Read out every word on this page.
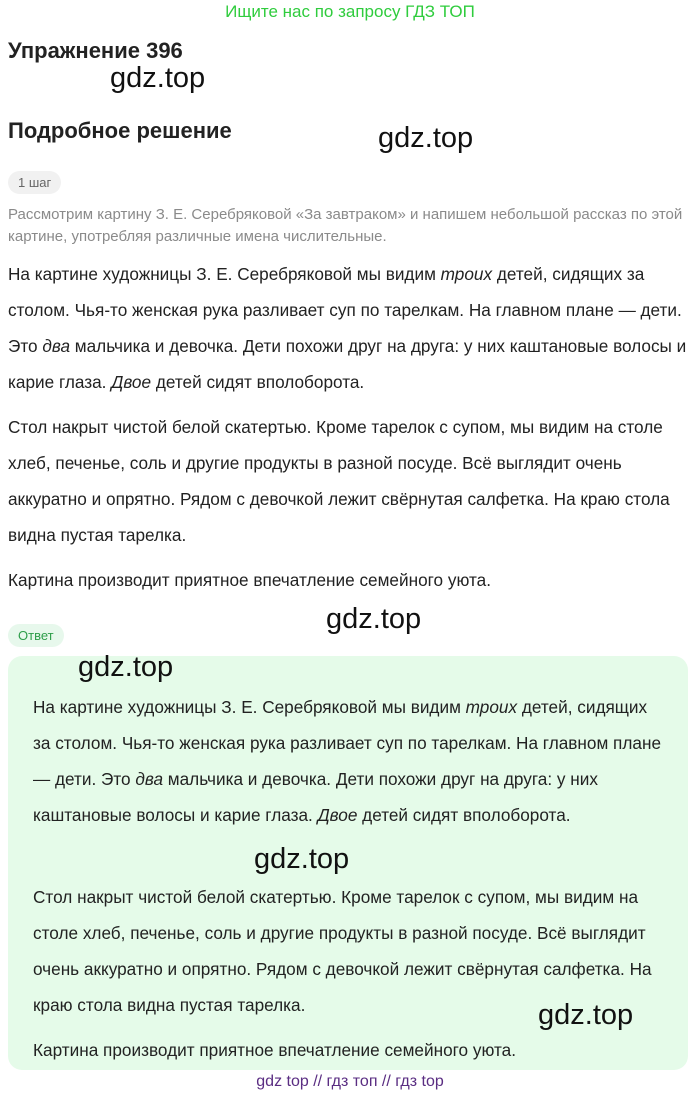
Ищите нас по запросу ГДЗ ТОП
Упражнение 396
gdz.top
Подробное решение	gdz.top
1 шаг
Рассмотрим картину З. Е. Серебряковой «За завтраком» и напишем небольшой рассказ по этой картине, употребляя различные имена числительные.

На картине художницы З. Е. Серебряковой мы видим троих детей, сидящих за столом. Чья-то женская рука разливает суп по тарелкам. На главном плане — дети. Это два мальчика и девочка. Дети похожи друг на друга: у них каштановые волосы и карие глаза. Двое детей сидят вполоборота.

Стол накрыт чистой белой скатертью. Кроме тарелок с супом, мы видим на столе хлеб, печенье, соль и другие продукты в разной посуде. Всё выглядит очень аккуратно и опрятно. Рядом с девочкой лежит свёрнутая салфетка. На краю стола видна пустая тарелка.

Картина производит приятное впечатление семейного уюта.

Ответ
gdz.top
gdz.top

На картине художницы З. Е. Серебряковой мы видим троих детей, сидящих за столом. Чья-то женская рука разливает суп по тарелкам. На главном плане — дети. Это два мальчика и девочка. Дети похожи друг на друга: у них каштановые волосы и карие глаза. Двое детей сидят вполоборота.

gdz.top

Стол накрыт чистой белой скатертью. Кроме тарелок с супом, мы видим на столе хлеб, печенье, соль и другие продукты в разной посуде. Всё выглядит очень аккуратно и опрятно. Рядом с девочкой лежит свёрнутая салфетка. На краю стола видна пустая тарелка.	gdz.top

Картина производит приятное впечатление семейного уюта.

gdz top // гдз топ // гдз top
